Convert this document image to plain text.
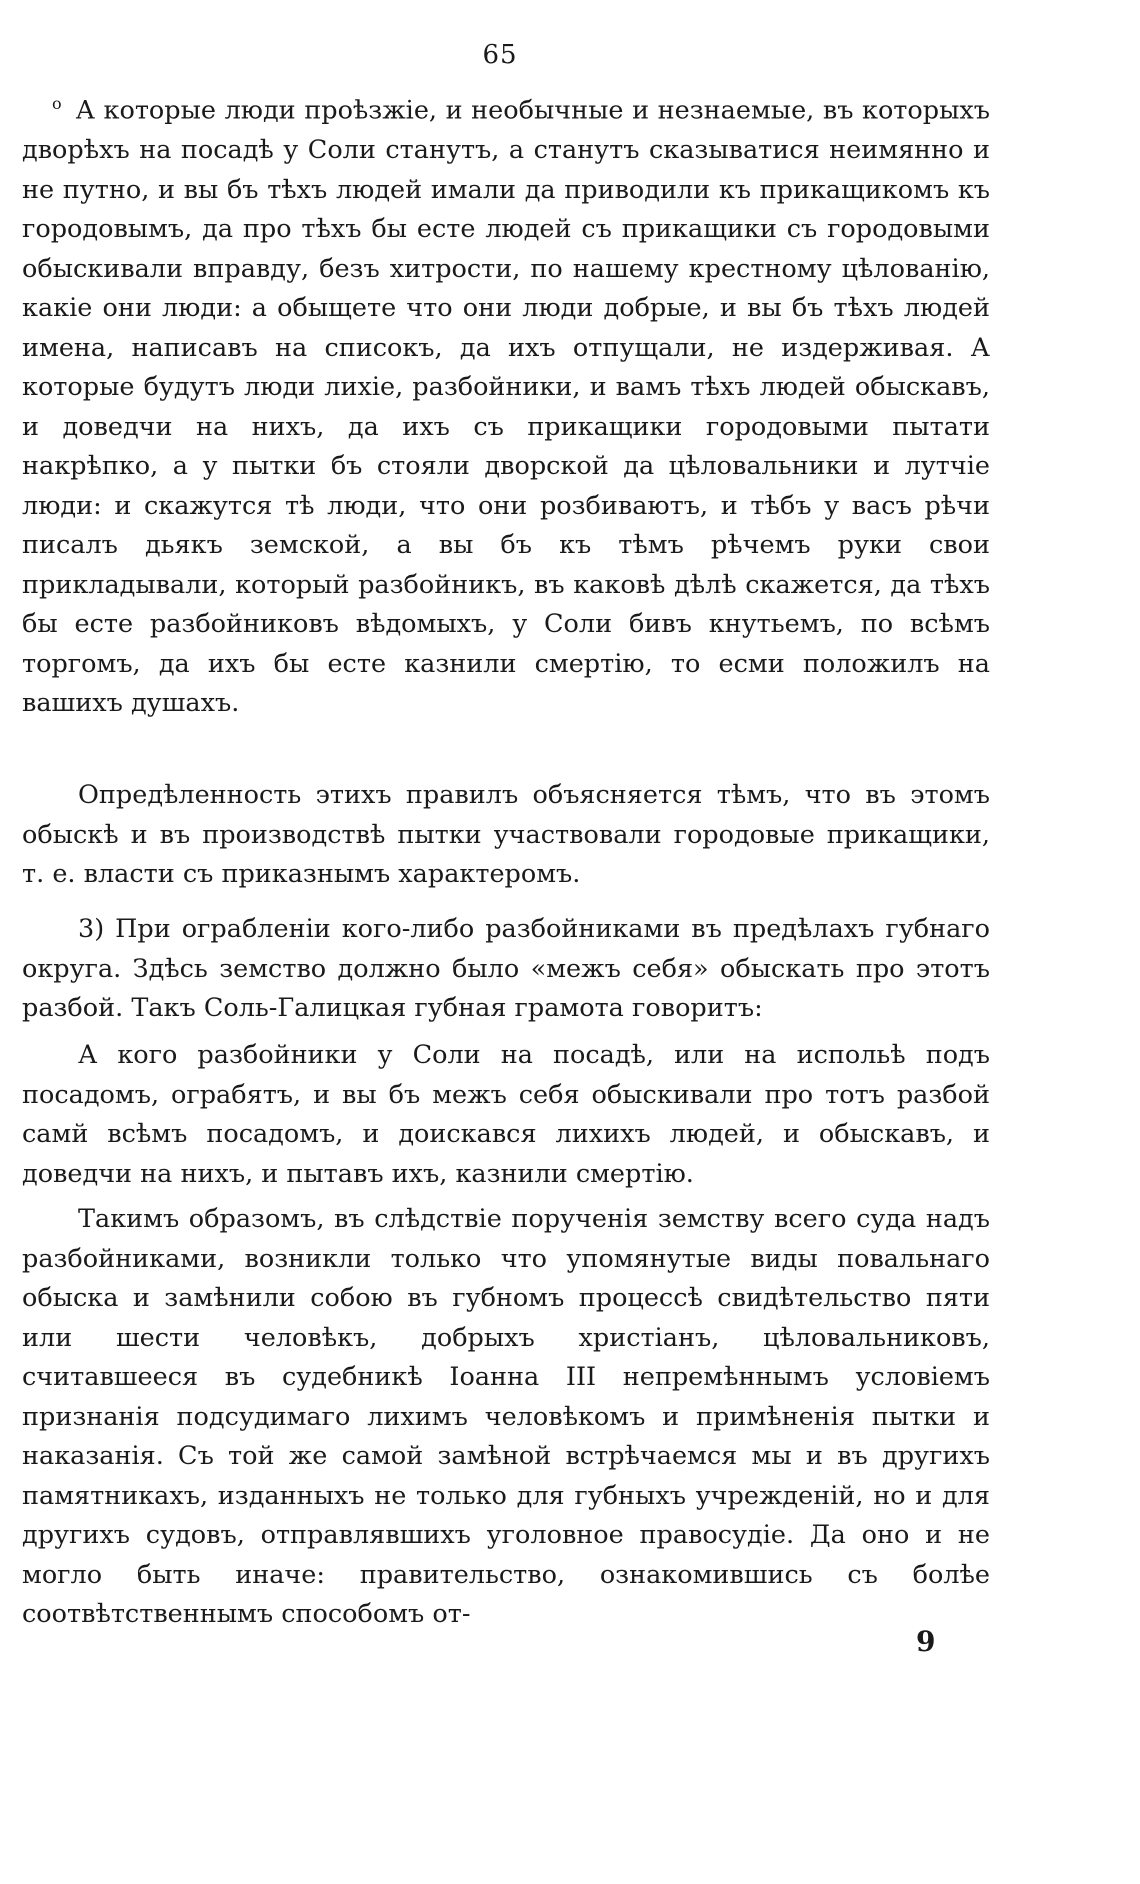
65

$^о$ А которые люди проѣзжіе, и необычные и незнаемые, въ которыхъ дворѣхъ на посадѣ у Соли станутъ, а станутъ сказыватися неимянно и не путно, и вы бъ тѣхъ людей имали да приводили къ прикащикомъ къ городовымъ, да про тѣхъ бы есте людей съ прикащики съ городовыми обыскивали вправду, безъ хитрости, по нашему крестному цѣлованію, какіе они люди: а обыщете что они люди добрые, и вы бъ тѣхъ людей имена, написавъ на списокъ, да ихъ отпущали, не издерживая. А которые будутъ люди лихіе, разбойники, и вамъ тѣхъ людей обыскавъ, и доведчи на нихъ, да ихъ съ прикащики городовыми пытати накрѣпко, а у пытки бъ стояли дворской да цѣловальники и лутчіе люди: и скажутся тѣ люди, что они розбиваютъ, и тѣбъ у васъ рѣчи писалъ дьякъ земской, а вы бъ къ тѣмъ рѣчемъ руки свои прикладывали, который разбойникъ, въ каковѣ дѣлѣ скажется, да тѣхъ бы есте разбойниковъ вѣдомыхъ, у Соли бивъ кнутьемъ, по всѣмъ торгомъ, да ихъ бы есте казнили смертію, то есми положилъ на вашихъ душахъ.

Опредѣленность этихъ правилъ объясняется тѣмъ, что въ этомъ обыскѣ и въ производствѣ пытки участвовали городовые прикащики, т. е. власти съ приказнымъ характеромъ.

3) При ограбленіи кого-либо разбойниками въ предѣлахъ губнаго округа. Здѣсь земство должно было «межъ себя» обыскать про этотъ разбой. Такъ Соль-Галицкая губная грамота говоритъ:

А кого разбойники у Соли на посадѣ, или на испольѣ подъ посадомъ, ограбятъ, и вы бъ межъ себя обыскивали про тотъ разбой самй всѣмъ посадомъ, и доискався лихихъ людей, и обыскавъ, и доведчи на нихъ, и пытавъ ихъ, казнили смертію.

Такимъ образомъ, въ слѣдствіе порученія земству всего суда надъ разбойниками, возникли только что упомянутые виды повальнаго обыска и замѣнили собою въ губномъ процессѣ свидѣтельство пяти или шести человѣкъ, добрыхъ христіанъ, цѣловальниковъ, считавшееся въ судебникѣ Іоанна III непремѣннымъ условіемъ признанія подсудимаго лихимъ человѣкомъ и примѣненія пытки и наказанія. Съ той же самой замѣной встрѣчаемся мы и въ другихъ памятникахъ, изданныхъ не только для губныхъ учрежденій, но и для другихъ судовъ, отправлявшихъ уголовное правосудіе. Да оно и не могло быть иначе: правительство, ознакомившись съ болѣе соотвѣтственнымъ способомъ от-

9
